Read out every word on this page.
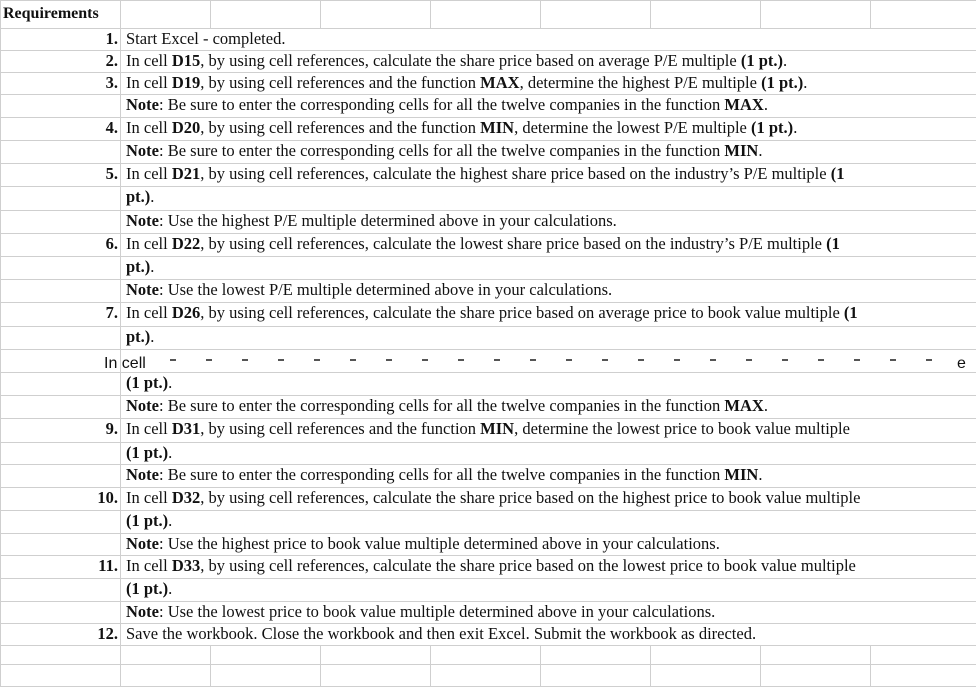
Requirements
1. Start Excel - completed.
2. In cell D15, by using cell references, calculate the share price based on average P/E multiple (1 pt.).
3. In cell D19, by using cell references and the function MAX, determine the highest P/E multiple (1 pt.).
Note: Be sure to enter the corresponding cells for all the twelve companies in the function MAX.
4. In cell D20, by using cell references and the function MIN, determine the lowest P/E multiple (1 pt.).
Note: Be sure to enter the corresponding cells for all the twelve companies in the function MIN.
5. In cell D21, by using cell references, calculate the highest share price based on the industry’s P/E multiple (1
pt.).
Note: Use the highest P/E multiple determined above in your calculations.
6. In cell D22, by using cell references, calculate the lowest share price based on the industry’s P/E multiple (1
pt.).
Note: Use the lowest P/E multiple determined above in your calculations.
7. In cell D26, by using cell references, calculate the share price based on average price to book value multiple (1
pt.).
(1 pt.).
Note: Be sure to enter the corresponding cells for all the twelve companies in the function MAX.
9. In cell D31, by using cell references and the function MIN, determine the lowest price to book value multiple
(1 pt.).
Note: Be sure to enter the corresponding cells for all the twelve companies in the function MIN.
10. In cell D32, by using cell references, calculate the share price based on the highest price to book value multiple
(1 pt.).
Note: Use the highest price to book value multiple determined above in your calculations.
11. In cell D33, by using cell references, calculate the share price based on the lowest price to book value multiple
(1 pt.).
Note: Use the lowest price to book value multiple determined above in your calculations.
12. Save the workbook. Close the workbook and then exit Excel. Submit the workbook as directed.
In cell	e
